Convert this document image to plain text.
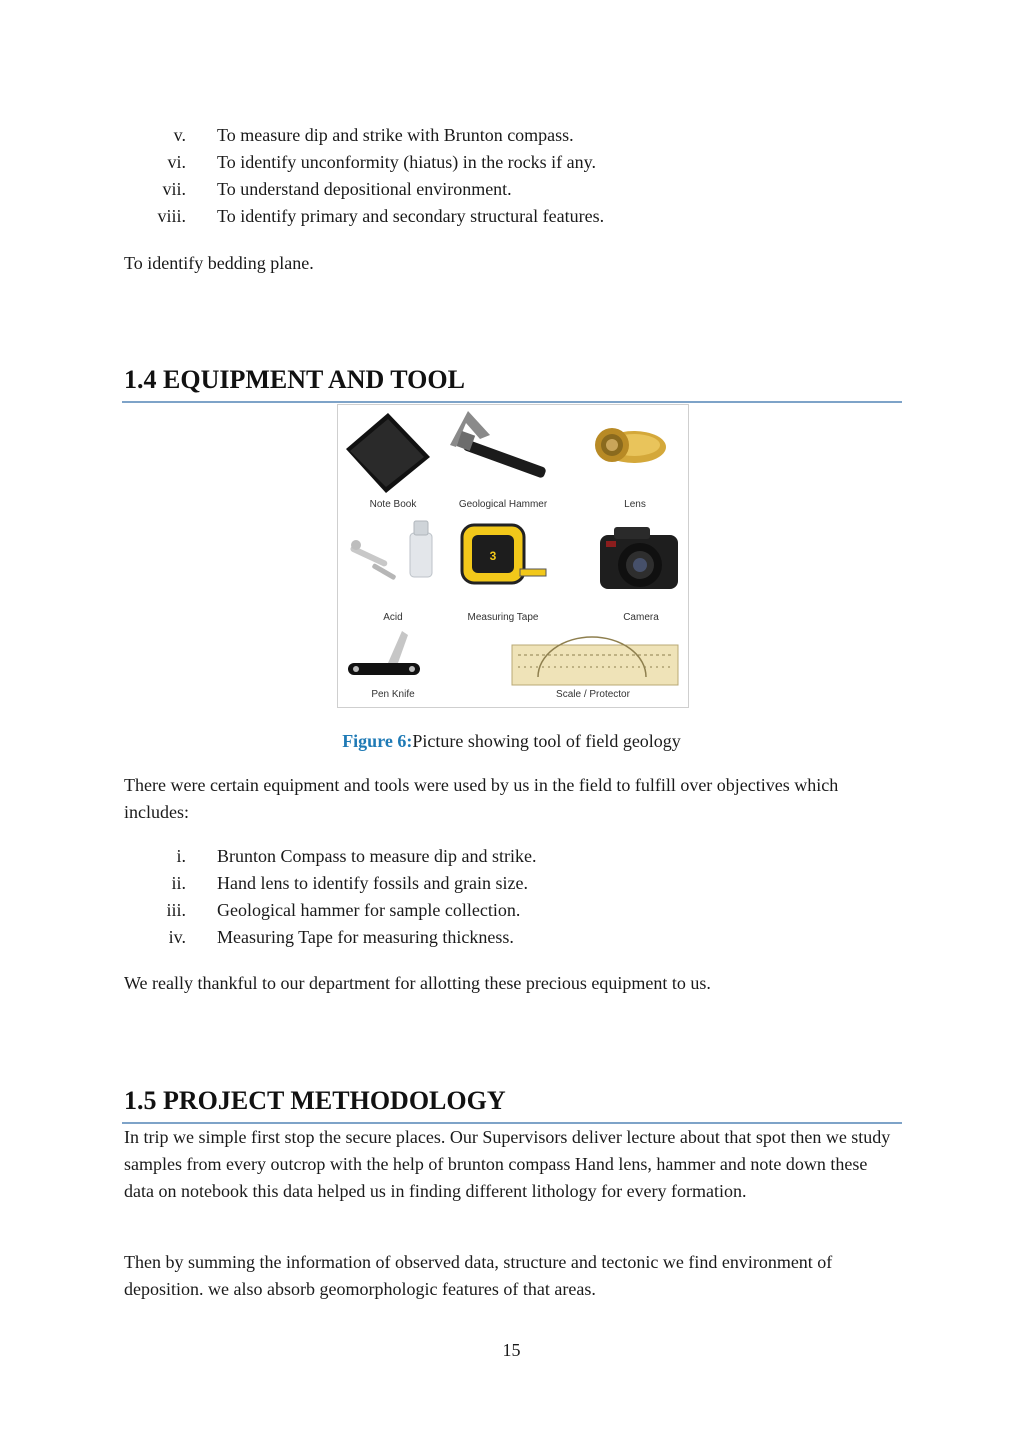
v. To measure dip and strike with Brunton compass.
vi. To identify unconformity (hiatus) in the rocks if any.
vii. To understand depositional environment.
viii. To identify primary and secondary structural features.

To identify bedding plane.

1.4 EQUIPMENT AND TOOL
3
Note Book	Geological Hammer	Lens
Acid	Measuring Tape	Camera
Pen Knife	Scale / Protector
Figure 6:Picture showing tool of field geology

There were certain equipment and tools were used by us in the field to fulfill over objectives which includes:

i. Brunton Compass to measure dip and strike.
ii. Hand lens to identify fossils and grain size.
iii. Geological hammer for sample collection.
iv. Measuring Tape for measuring thickness.

We really thankful to our department for allotting these precious equipment to us.

1.5 PROJECT METHODOLOGY

In trip we simple first stop the secure places. Our Supervisors deliver lecture about that spot then we study samples from every outcrop with the help of brunton compass Hand lens, hammer and note down these data on notebook this data helped us in finding different lithology for every formation.

Then by summing the information of observed data, structure and tectonic we find environment of deposition. we also absorb geomorphologic features of that areas.

15
